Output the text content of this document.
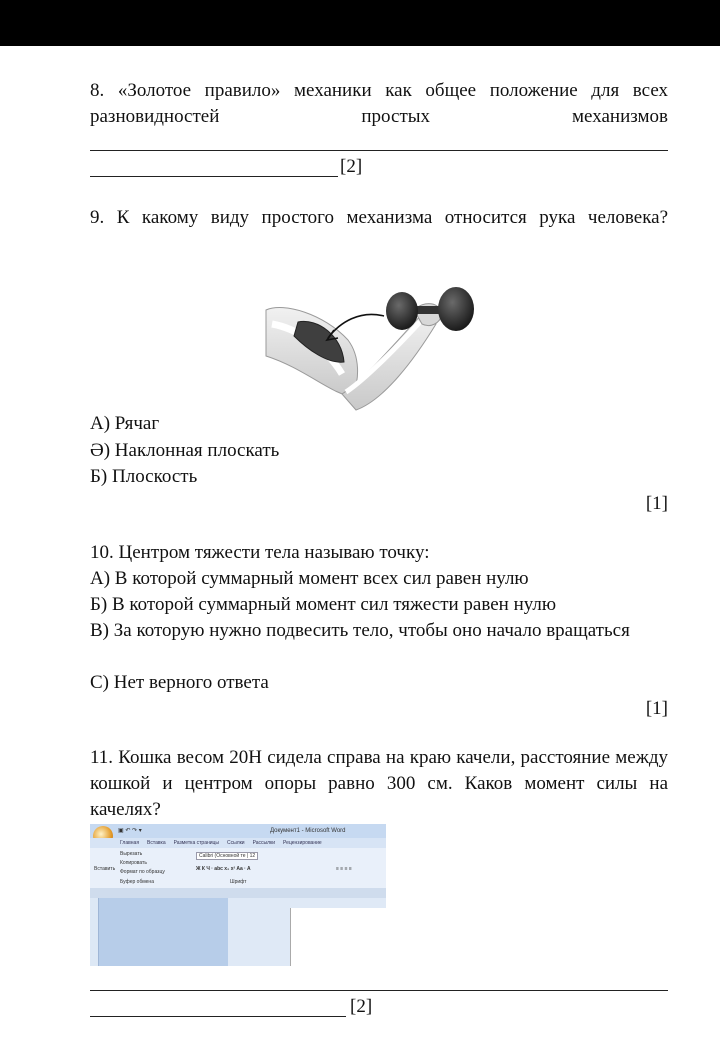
8. «Золотое правило» механики как общее положение для всех разновидностей простых механизмов
[2]
9. К какому виду простого механизма относится рука человека?
А) Рячаг
Ә) Наклонная плоскать
Б) Плоскость
[1]
10. Центром тяжести тела называю точку:
А) В которой суммарный момент всех сил равен нулю
Б) В которой суммарный момент сил тяжести равен нулю
В) За которую нужно подвесить тело, чтобы оно начало вращаться
С) Нет верного ответа
[1]
11. Кошка весом 20Н сидела справа на краю качели, расстояние между кошкой и центром опоры равно 300 см. Каков момент силы на качелях?
▣ ↶ ↷ ▾	Документ1 - Microsoft Word
Главная Вставка Разметка страницы Ссылки Рассылки Рецензирование
Вставить
Вырезать
Копировать
Формат по образцу
Буфер обмена
Calibri (Основной те | 12
Ж К Ч · abc x₂ x² Aa · A
Шрифт
≡ ≡ ≡ ≡
[2]
